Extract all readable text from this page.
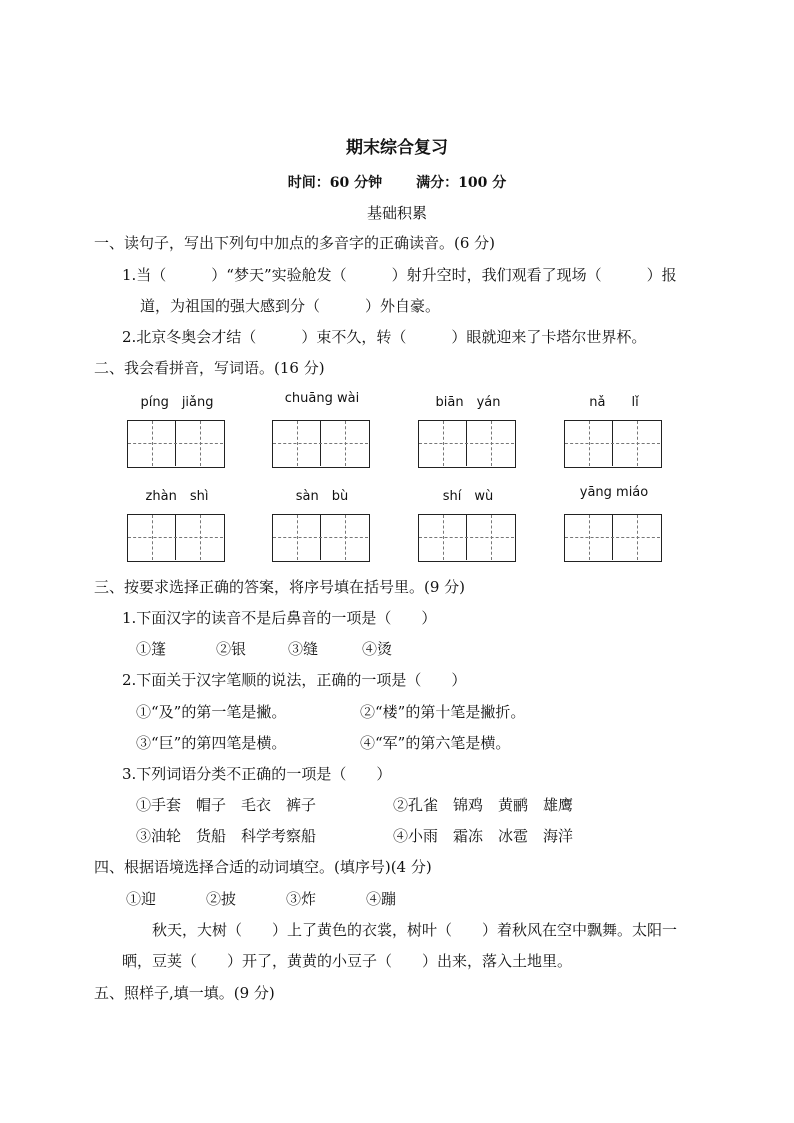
期末综合复习
时间：60 分钟 满分：100 分
基础积累
一、读句子，写出下列句中加点的多音字的正确读音。(6 分)
1.当（　　　）“梦天”实验舱发（　　　）射升空时，我们观看了现场（　　　）报
道，为祖国的强大感到分（　　　）外自豪。
2.北京冬奥会才结（　　　）束不久，转（　　　）眼就迎来了卡塔尔世界杯。
二、我会看拼音，写词语。(16 分)
píng　jiǎng	chuāng wài	biān　yán	nǎ　　lǐ
zhàn　shì	sàn　bù	shí　wù	yāng miáo
三、按要求选择正确的答案，将序号填在括号里。(9 分)
1.下面汉字的读音不是后鼻音的一项是（　　）
①篷	②银	③缝	④烫
2.下面关于汉字笔顺的说法，正确的一项是（　　）
①“及”的第一笔是撇。	②“楼”的第十笔是撇折。
③“巨”的第四笔是横。	④“军”的第六笔是横。
3.下列词语分类不正确的一项是（　　）
①手套　帽子　毛衣　裤子	②孔雀　锦鸡　黄鹂　雄鹰
③油轮　货船　科学考察船	④小雨　霜冻　冰雹　海洋
四、根据语境选择合适的动词填空。(填序号)(4 分)
①迎	②披	③炸	④蹦
秋天，大树（　　）上了黄色的衣裳，树叶（　　）着秋风在空中飘舞。太阳一
晒，豆荚（　　）开了，黄黄的小豆子（　　）出来，落入土地里。
五、照样子,填一填。(9 分)
